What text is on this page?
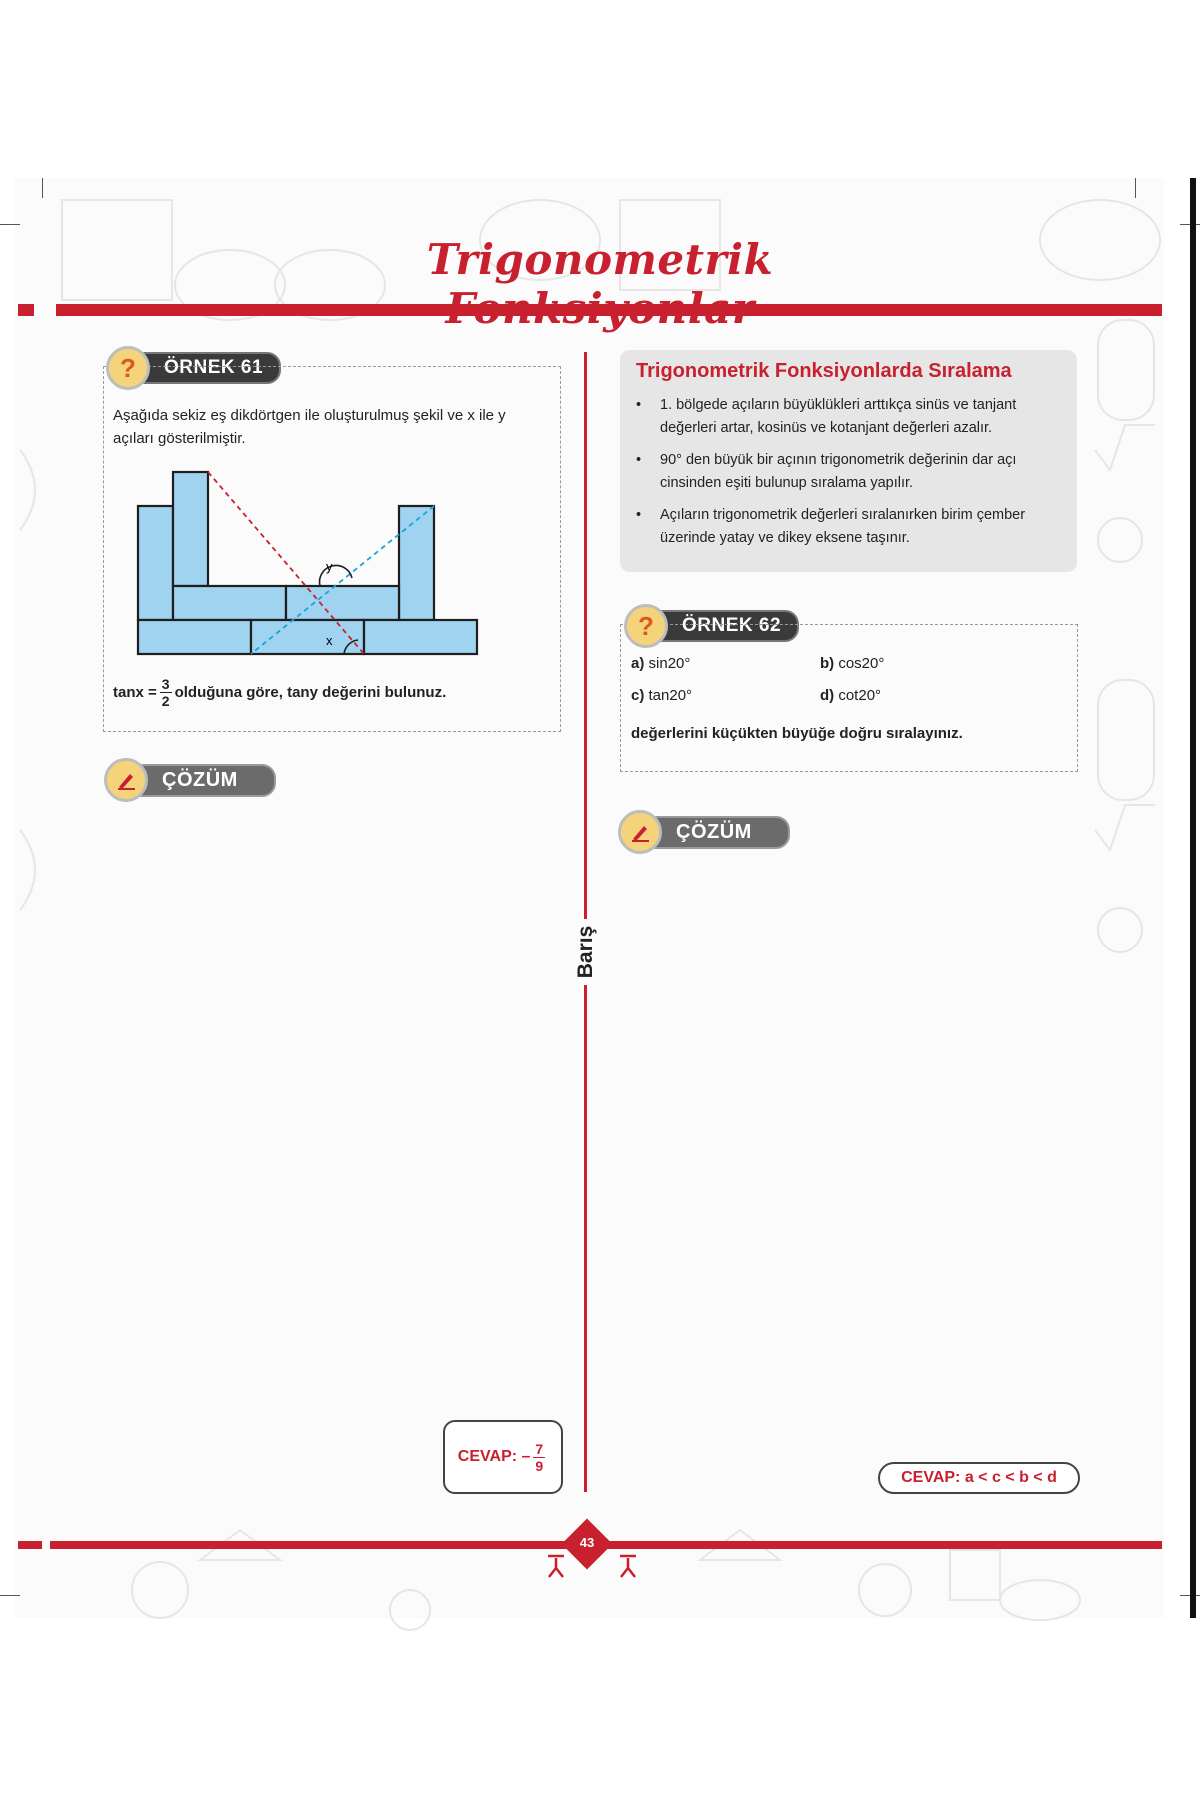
Trigonometrik
Barış
?	ÖRNEK 61
Aşağıda sekiz eş dikdörtgen ile oluşturulmuş şekil ve x ile y açıları gösterilmiştir.
y
x
$\tan x = \frac{3}{2}$ olduğuna göre, tany değerini bulunuz.
ÇÖZÜM
CEVAP: – $\frac{7}{9}$
Trigonometrik Fonksiyonlarda Sıralama
• 1. bölgede açıların büyüklükleri arttıkça sinüs ve tanjant değerleri artar, kosinüs ve kotanjant değerleri azalır.
• 90° den büyük bir açının trigonometrik değerinin dar açı cinsinden eşiti bulunup sıralama yapılır.
• Açıların trigonometrik değerleri sıralanırken birim çember üzerinde yatay ve dikey eksene taşınır.
?	ÖRNEK 62
a) sin20°	b) cos20°
c) tan20°	d) cot20°
değerlerini küçükten büyüğe doğru sıralayınız.
ÇÖZÜM
CEVAP: a < c < b < d
43
